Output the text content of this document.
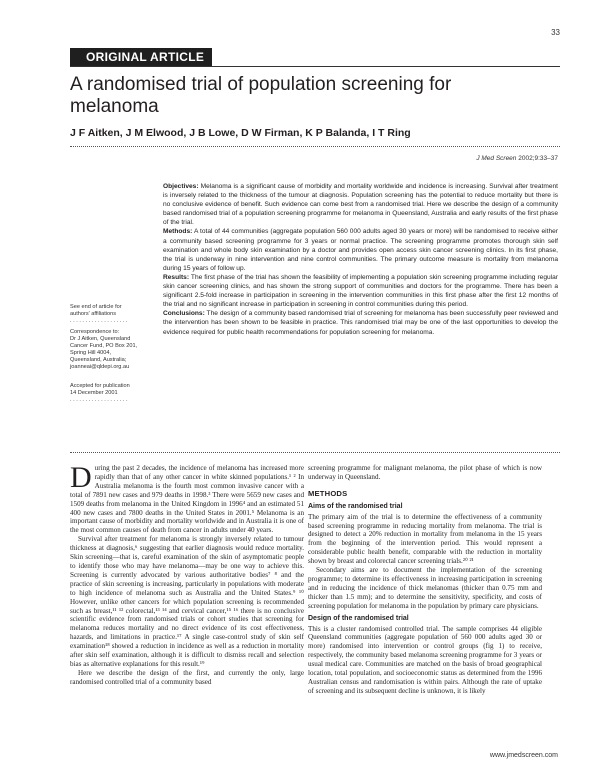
33
ORIGINAL ARTICLE
A randomised trial of population screening for
melanoma
J F Aitken, J M Elwood, J B Lowe, D W Firman, K P Balanda, I T Ring
J Med Screen 2002;9:33–37

Objectives: Melanoma is a significant cause of morbidity and mortality worldwide and incidence is increasing. Survival after treatment is inversely related to the thickness of the tumour at diagnosis. Population screening has the potential to reduce mortality but there is no conclusive evidence of benefit. Such evidence can come best from a randomised trial. Here we describe the design of a community based randomised trial of a population screening programme for melanoma in Queensland, Australia and early results of the first phase of the trial.

Methods: A total of 44 communities (aggregate population 560 000 adults aged 30 years or more) will be randomised to receive either a community based screening programme for 3 years or normal practice. The screening programme promotes thorough skin self examination and whole body skin examination by a doctor and provides open access skin cancer screening clinics. In its first phase, the trial is underway in nine intervention and nine control communities. The primary outcome measure is mortality from melanoma during 15 years of follow up.

Results: The first phase of the trial has shown the feasibility of implementing a population skin screening programme including regular skin cancer screening clinics, and has shown the strong support of communities and doctors for the programme. There has been a significant 2.5-fold increase in participation in screening in the intervention communities in this first phase after the first 12 months of the trial and no significant increase in participation in screening in control communities during this period.

Conclusions: The design of a community based randomised trial of screening for melanoma has been successfully peer reviewed and the intervention has been shown to be feasible in practice. This randomised trial may be one of the last opportunities to develop the evidence required for public health recommendations for population screening for melanoma.

See end of article for
authors' affiliations
. . . . . . . . . . . . . . . . . . .
Correspondence to:
Dr J Aitken, Queensland
Cancer Fund, PO Box 201,
Spring Hill 4004,
Queensland, Australia;
joanneai@qldepi.org.au
Accepted for publication
14 December 2001
. . . . . . . . . . . . . . . . . . .

During the past 2 decades, the incidence of melanoma has increased more rapidly than that of any other cancer in white skinned populations.¹ ² In Australia melanoma is the fourth most common invasive cancer with a total of 7891 new cases and 979 deaths in 1998.³ There were 5659 new cases and 1509 deaths from melanoma in the United Kingdom in 1996⁴ and an estimated 51 400 new cases and 7800 deaths in the United States in 2001.⁵ Melanoma is an important cause of morbidity and mortality worldwide and in Australia it is one of the most common causes of death from cancer in adults under 40 years.

Survival after treatment for melanoma is strongly inversely related to tumour thickness at diagnosis,⁶ suggesting that earlier diagnosis would reduce mortality. Skin screening—that is, careful examination of the skin of asymptomatic people to identify those who may have melanoma—may be one way to achieve this. Screening is currently advocated by various authoritative bodies⁷ ⁸ and the practice of skin screening is increasing, particularly in populations with moderate to high incidence of melanoma such as Australia and the United States.⁹ ¹⁰ However, unlike other cancers for which population screening is recommended such as breast,¹¹ ¹² colorectal,¹³ ¹⁴ and cervical cancer,¹⁵ ¹⁶ there is no conclusive scientific evidence from randomised trials or cohort studies that screening for melanoma reduces mortality and no direct evidence of its cost effectiveness, hazards, and limitations in practice.¹⁷ A single case-control study of skin self examination¹⁸ showed a reduction in incidence as well as a reduction in mortality after skin self examination, although it is difficult to dismiss recall and selection bias as alternative explanations for this result.¹⁹

Here we describe the design of the first, and currently the only, large randomised controlled trial of a community based

screening programme for malignant melanoma, the pilot phase of which is now underway in Queensland.

METHODS
Aims of the randomised trial

The primary aim of the trial is to determine the effectiveness of a community based screening programme in reducing mortality from melanoma. The trial is designed to detect a 20% reduction in mortality from melanoma in the 15 years from the beginning of the intervention period. This would represent a considerable public health benefit, comparable with the reduction in mortality shown by breast and colorectal cancer screening trials.²⁰ ²¹

Secondary aims are to document the implementation of the screening programme; to determine its effectiveness in increasing participation in screening and in reducing the incidence of thick melanomas (thicker than 0.75 mm and thicker than 1.5 mm); and to determine the sensitivity, specificity, and costs of screening population for melanoma in the population by primary care physicians.

Design of the randomised trial

This is a cluster randomised controlled trial. The sample comprises 44 eligible Queensland communities (aggregate population of 560 000 adults aged 30 or more) randomised into intervention or control groups (fig 1) to receive, respectively, the community based melanoma screening programme for 3 years or usual medical care. Communities are matched on the basis of broad geographical location, total population, and socioeconomic status as determined from the 1996 Australian census and randomisation is within pairs. Although the rate of uptake of screening and its subsequent decline is unknown, it is likely

www.jmedscreen.com
